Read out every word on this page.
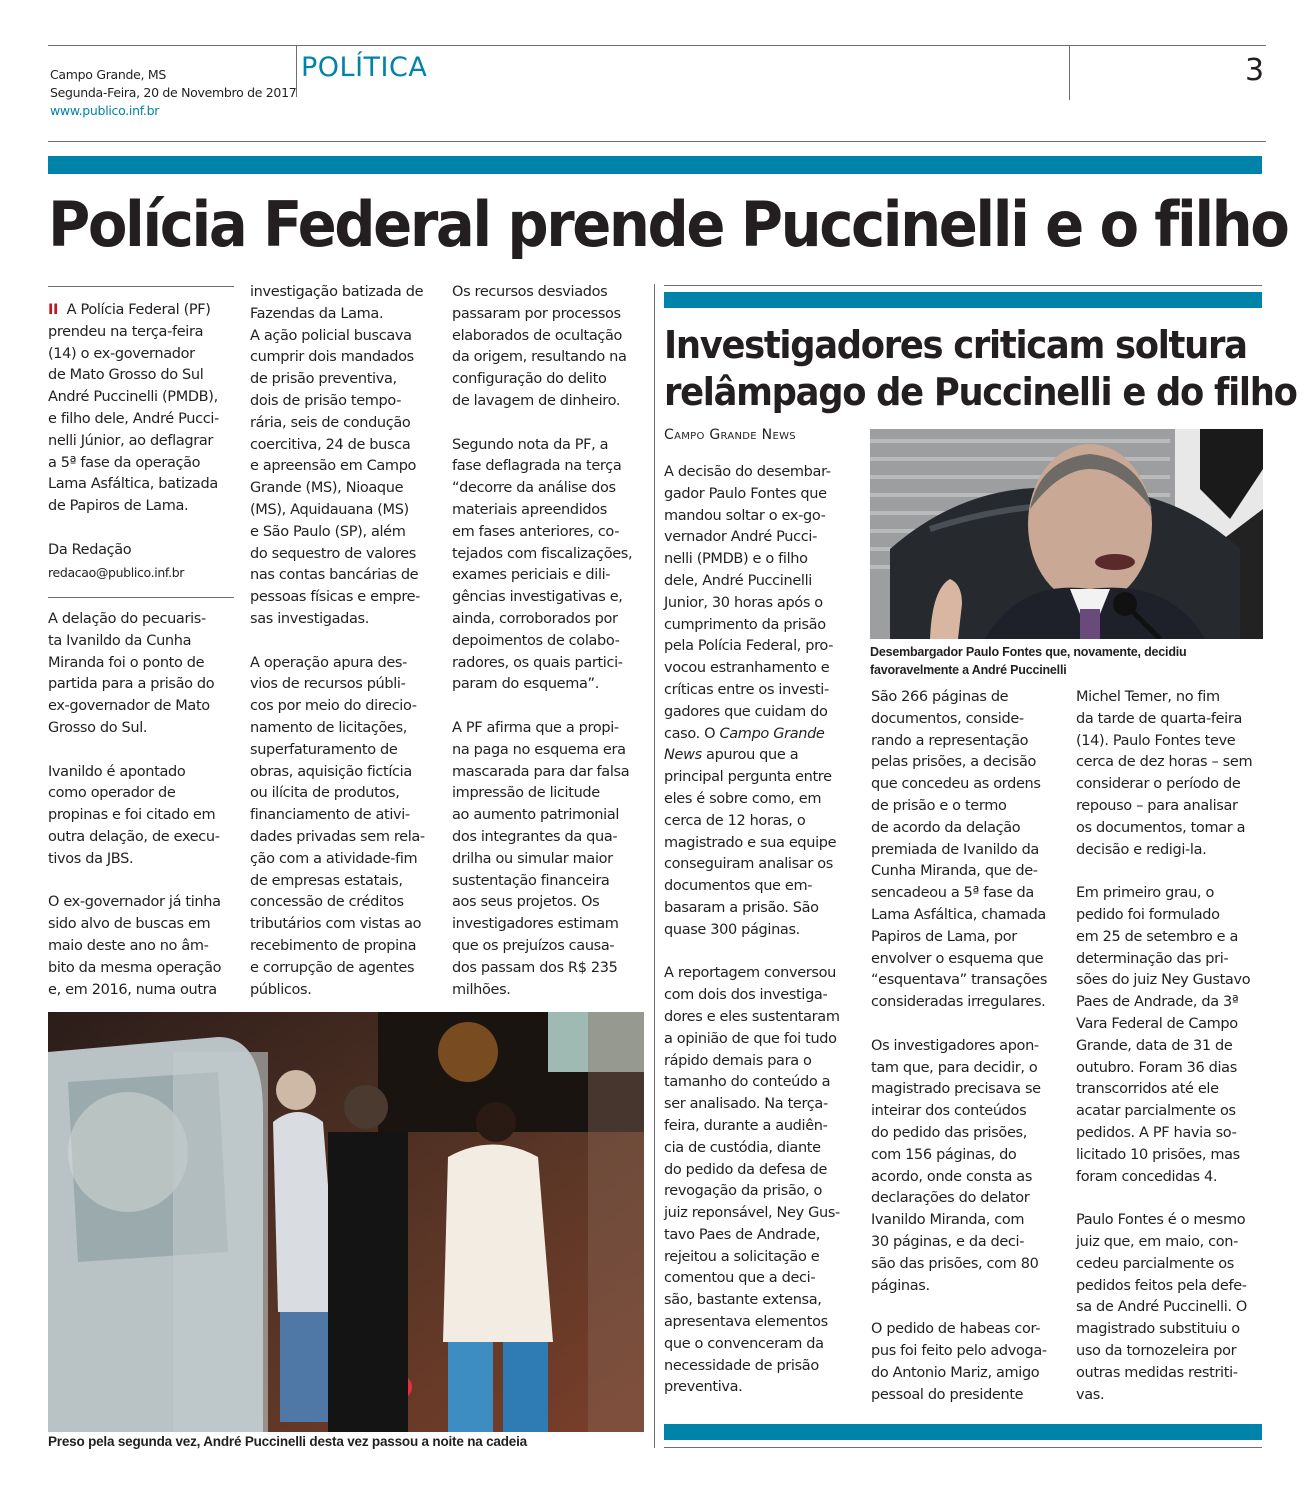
Campo Grande, MS
Segunda-Feira, 20 de Novembro de 2017
www.publico.inf.br
POLÍTICA	3
Polícia Federal prende Puccinelli e o filho
II A Polícia Federal (PF)
prendeu na terça-feira
(14) o ex-governador
de Mato Grosso do Sul
André Puccinelli (PMDB),
e filho dele, André Pucci-
nelli Júnior, ao deflagrar
a 5ª fase da operação
Lama Asfáltica, batizada
de Papiros de Lama.
Da Redação
redacao@publico.inf.br
A delação do pecuaris-
ta Ivanildo da Cunha
Miranda foi o ponto de
partida para a prisão do
ex-governador de Mato
Grosso do Sul.
Ivanildo é apontado
como operador de
propinas e foi citado em
outra delação, de execu-
tivos da JBS.
O ex-governador já tinha
sido alvo de buscas em
maio deste ano no âm-
bito da mesma operação
e, em 2016, numa outra
investigação batizada de
Fazendas da Lama.
A ação policial buscava
cumprir dois mandados
de prisão preventiva,
dois de prisão tempo-
rária, seis de condução
coercitiva, 24 de busca
e apreensão em Campo
Grande (MS), Nioaque
(MS), Aquidauana (MS)
e São Paulo (SP), além
do sequestro de valores
nas contas bancárias de
pessoas físicas e empre-
sas investigadas.
A operação apura des-
vios de recursos públi-
cos por meio do direcio-
namento de licitações,
superfaturamento de
obras, aquisição fictícia
ou ilícita de produtos,
financiamento de ativi-
dades privadas sem rela-
ção com a atividade-fim
de empresas estatais,
concessão de créditos
tributários com vistas ao
recebimento de propina
e corrupção de agentes
públicos.
Os recursos desviados
passaram por processos
elaborados de ocultação
da origem, resultando na
configuração do delito
de lavagem de dinheiro.
Segundo nota da PF, a
fase deflagrada na terça
“decorre da análise dos
materiais apreendidos
em fases anteriores, co-
tejados com fiscalizações,
exames periciais e dili-
gências investigativas e,
ainda, corroborados por
depoimentos de colabo-
radores, os quais partici-
param do esquema”.
A PF afirma que a propi-
na paga no esquema era
mascarada para dar falsa
impressão de licitude
ao aumento patrimonial
dos integrantes da qua-
drilha ou simular maior
sustentação financeira
aos seus projetos. Os
investigadores estimam
que os prejuízos causa-
dos passam dos R$ 235
milhões.
Preso pela segunda vez, André Puccinelli desta vez passou a noite na cadeia
Investigadores criticam soltura
relâmpago de Puccinelli e do filho
Campo Grande News
A decisão do desembar-
gador Paulo Fontes que
mandou soltar o ex-go-
vernador André Pucci-
nelli (PMDB) e o filho
dele, André Puccinelli
Junior, 30 horas após o
cumprimento da prisão
pela Polícia Federal, pro-
vocou estranhamento e
críticas entre os investi-
gadores que cuidam do
caso. O Campo Grande
News apurou que a
principal pergunta entre
eles é sobre como, em
cerca de 12 horas, o
magistrado e sua equipe
conseguiram analisar os
documentos que em-
basaram a prisão. São
quase 300 páginas.
A reportagem conversou
com dois dos investiga-
dores e eles sustentaram
a opinião de que foi tudo
rápido demais para o
tamanho do conteúdo a
ser analisado. Na terça-
feira, durante a audiên-
cia de custódia, diante
do pedido da defesa de
revogação da prisão, o
juiz reponsável, Ney Gus-
tavo Paes de Andrade,
rejeitou a solicitação e
comentou que a deci-
são, bastante extensa,
apresentava elementos
que o convenceram da
necessidade de prisão
preventiva.
Desembargador Paulo Fontes que, novamente, decidiu
favoravelmente a André Puccinelli
São 266 páginas de
documentos, conside-
rando a representação
pelas prisões, a decisão
que concedeu as ordens
de prisão e o termo
de acordo da delação
premiada de Ivanildo da
Cunha Miranda, que de-
sencadeou a 5ª fase da
Lama Asfáltica, chamada
Papiros de Lama, por
envolver o esquema que
“esquentava” transações
consideradas irregulares.
Os investigadores apon-
tam que, para decidir, o
magistrado precisava se
inteirar dos conteúdos
do pedido das prisões,
com 156 páginas, do
acordo, onde consta as
declarações do delator
Ivanildo Miranda, com
30 páginas, e da deci-
são das prisões, com 80
páginas.
O pedido de habeas cor-
pus foi feito pelo advoga-
do Antonio Mariz, amigo
pessoal do presidente
Michel Temer, no fim
da tarde de quarta-feira
(14). Paulo Fontes teve
cerca de dez horas – sem
considerar o período de
repouso – para analisar
os documentos, tomar a
decisão e redigi-la.
Em primeiro grau, o
pedido foi formulado
em 25 de setembro e a
determinação das pri-
sões do juiz Ney Gustavo
Paes de Andrade, da 3ª
Vara Federal de Campo
Grande, data de 31 de
outubro. Foram 36 dias
transcorridos até ele
acatar parcialmente os
pedidos. A PF havia so-
licitado 10 prisões, mas
foram concedidas 4.
Paulo Fontes é o mesmo
juiz que, em maio, con-
cedeu parcialmente os
pedidos feitos pela defe-
sa de André Puccinelli. O
magistrado substituiu o
uso da tornozeleira por
outras medidas restriti-
vas.
